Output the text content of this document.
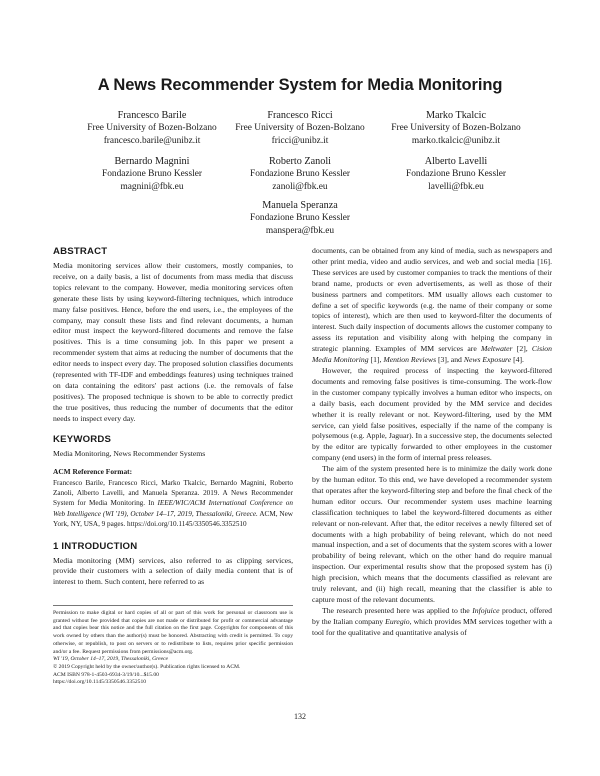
A News Recommender System for Media Monitoring
Francesco Barile
Free University of Bozen-Bolzano
francesco.barile@unibz.it
Francesco Ricci
Free University of Bozen-Bolzano
fricci@unibz.it
Marko Tkalcic
Free University of Bozen-Bolzano
marko.tkalcic@unibz.it
Bernardo Magnini
Fondazione Bruno Kessler
magnini@fbk.eu
Roberto Zanoli
Fondazione Bruno Kessler
zanoli@fbk.eu
Alberto Lavelli
Fondazione Bruno Kessler
lavelli@fbk.eu
Manuela Speranza
Fondazione Bruno Kessler
manspera@fbk.eu
ABSTRACT

Media monitoring services allow their customers, mostly companies, to receive, on a daily basis, a list of documents from mass media that discuss topics relevant to the company. However, media monitoring services often generate these lists by using keyword-filtering techniques, which introduce many false positives. Hence, before the end users, i.e., the employees of the company, may consult these lists and find relevant documents, a human editor must inspect the keyword-filtered documents and remove the false positives. This is a time consuming job. In this paper we present a recommender system that aims at reducing the number of documents that the editor needs to inspect every day. The proposed solution classifies documents (represented with TF-IDF and embeddings features) using techniques trained on data containing the editors' past actions (i.e. the removals of false positives). The proposed technique is shown to be able to correctly predict the true positives, thus reducing the number of documents that the editor needs to inspect every day.

KEYWORDS

Media Monitoring, News Recommender Systems

ACM Reference Format:

Francesco Barile, Francesco Ricci, Marko Tkalcic, Bernardo Magnini, Roberto Zanoli, Alberto Lavelli, and Manuela Speranza. 2019. A News Recommender System for Media Monitoring. In IEEE/WIC/ACM International Conference on Web Intelligence (WI '19), October 14–17, 2019, Thessaloniki, Greece. ACM, New York, NY, USA, 9 pages. https://doi.org/10.1145/3350546.3352510

1 INTRODUCTION

Media monitoring (MM) services, also referred to as clipping services, provide their customers with a selection of daily media content that is of interest to them. Such content, here referred to as

Permission to make digital or hard copies of all or part of this work for personal or classroom use is granted without fee provided that copies are not made or distributed for profit or commercial advantage and that copies bear this notice and the full citation on the first page. Copyrights for components of this work owned by others than the author(s) must be honored. Abstracting with credit is permitted. To copy otherwise, or republish, to post on servers or to redistribute to lists, requires prior specific permission and/or a fee. Request permissions from permissions@acm.org.

WI '19, October 14–17, 2019, Thessaloniki, Greece

© 2019 Copyright held by the owner/author(s). Publication rights licensed to ACM.

ACM ISBN 978-1-4503-6934-3/19/10...$15.00

https://doi.org/10.1145/3350546.3352510

documents, can be obtained from any kind of media, such as newspapers and other print media, video and audio services, and web and social media [16]. These services are used by customer companies to track the mentions of their brand name, products or even advertisements, as well as those of their business partners and competitors. MM usually allows each customer to define a set of specific keywords (e.g. the name of their company or some topics of interest), which are then used to keyword-filter the documents of interest. Such daily inspection of documents allows the customer company to assess its reputation and visibility along with helping the company in strategic planning. Examples of MM services are Meltwater [2], Cision Media Monitoring [1], Mention Reviews [3], and News Exposure [4].

However, the required process of inspecting the keyword-filtered documents and removing false positives is time-consuming. The work-flow in the customer company typically involves a human editor who inspects, on a daily basis, each document provided by the MM service and decides whether it is really relevant or not. Keyword-filtering, used by the MM service, can yield false positives, especially if the name of the company is polysemous (e.g. Apple, Jaguar). In a successive step, the documents selected by the editor are typically forwarded to other employees in the customer company (end users) in the form of internal press releases.

The aim of the system presented here is to minimize the daily work done by the human editor. To this end, we have developed a recommender system that operates after the keyword-filtering step and before the final check of the human editor occurs. Our recommender system uses machine learning classification techniques to label the keyword-filtered documents as either relevant or non-relevant. After that, the editor receives a newly filtered set of documents with a high probability of being relevant, which do not need manual inspection, and a set of documents that the system scores with a lower probability of being relevant, which on the other hand do require manual inspection. Our experimental results show that the proposed system has (i) high precision, which means that the documents classified as relevant are truly relevant, and (ii) high recall, meaning that the classifier is able to capture most of the relevant documents.

The research presented here was applied to the Infojuice product, offered by the Italian company Euregio, which provides MM services together with a tool for the qualitative and quantitative analysis of

132
